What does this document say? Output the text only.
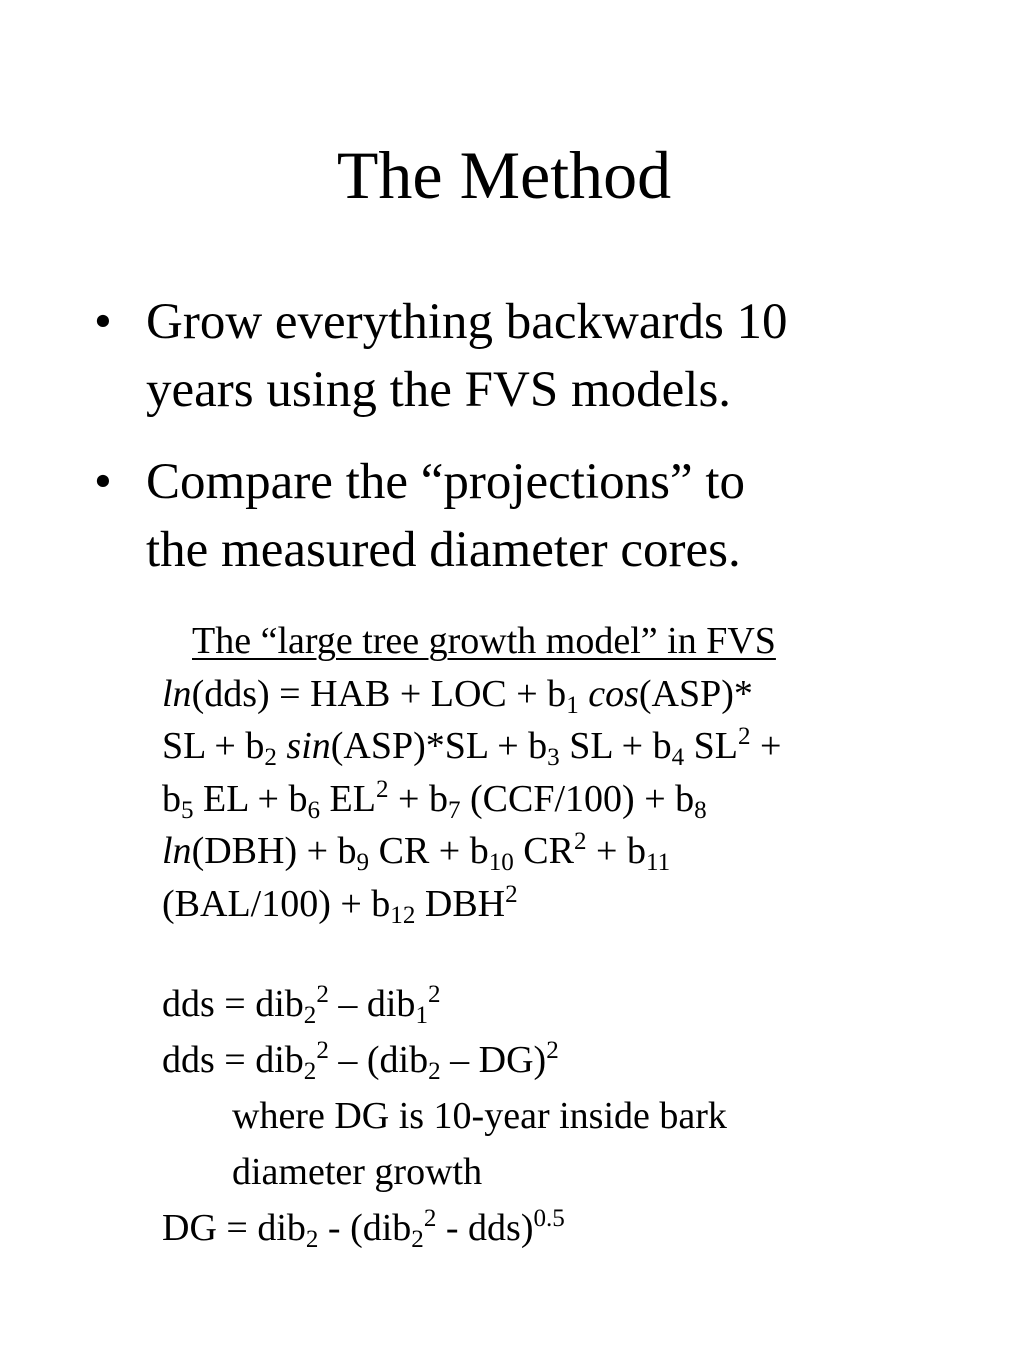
The Method
• Grow everything backwards 10
years using the FVS models.
• Compare the “projections” to
the measured diameter cores.
The “large tree growth model” in FVS
ln(dds) = HAB + LOC + $b_1$ cos(ASP)*
SL + $b_2$ $\sin(ASP)*SL + b_3$ SL + $b_4$ $SL^2$ +
$b_5$ EL + $b_6$ $EL^2 + b_7$ $(CCF/100) + b_8$
$\ln(DBH) + b_9$ CR + $b_{10}$ $CR^2 + b_{11}$
$(BAL/100) + b_{12}$ DBH$^2$
dds = dib$_2^2$ – dib$_1^2$
dds = dib$_2^2$ – (dib$_2$ – DG)$^2$
where DG is 10-year inside bark
diameter growth
DG = dib$_2$ - (dib$_2^2$ - dds)$^{0.5}$
